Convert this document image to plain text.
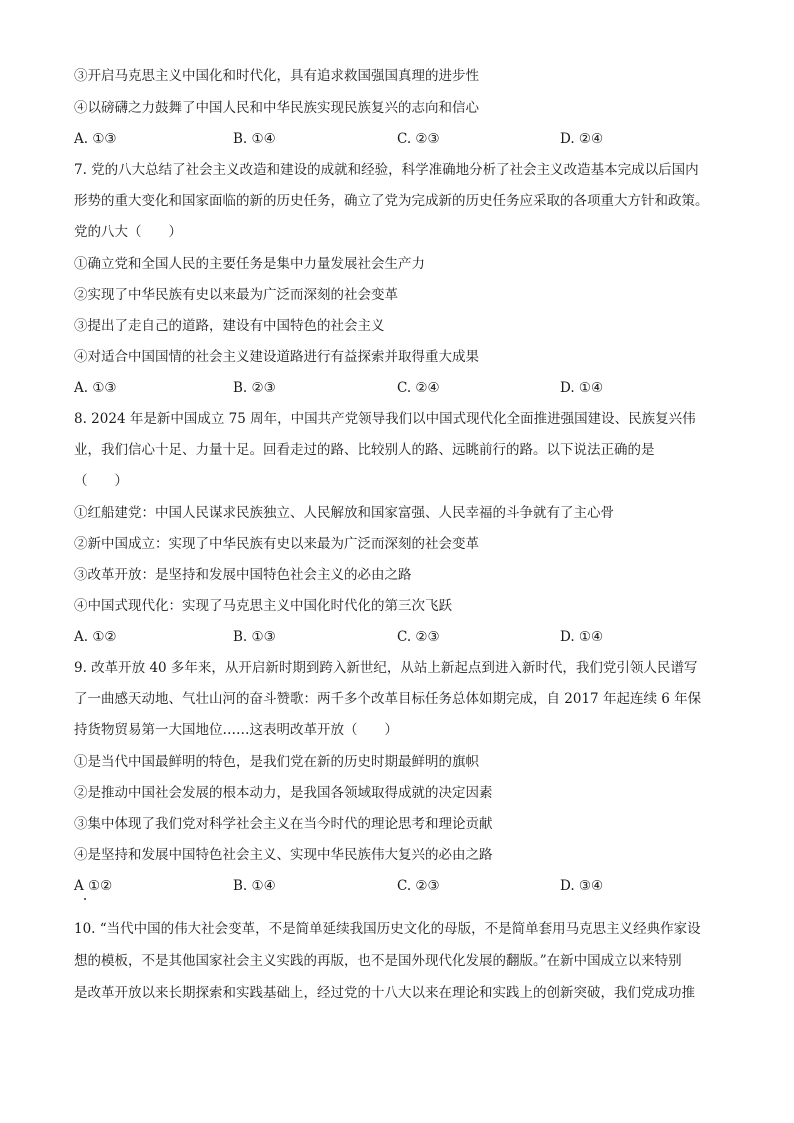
③开启马克思主义中国化和时代化，具有追求救国强国真理的进步性
④以磅礴之力鼓舞了中国人民和中华民族实现民族复兴的志向和信心
A. ①③	B. ①④	C. ②③	D. ②④
7. 党的八大总结了社会主义改造和建设的成就和经验，科学准确地分析了社会主义改造基本完成以后国内
形势的重大变化和国家面临的新的历史任务，确立了党为完成新的历史任务应采取的各项重大方针和政策。
党的八大（　　）
①确立党和全国人民的主要任务是集中力量发展社会生产力
②实现了中华民族有史以来最为广泛而深刻的社会变革
③提出了走自己的道路，建设有中国特色的社会主义
④对适合中国国情的社会主义建设道路进行有益探索并取得重大成果
A. ①③	B. ②③	C. ②④	D. ①④
8. 2024 年是新中国成立 75 周年，中国共产党领导我们以中国式现代化全面推进强国建设、民族复兴伟
业，我们信心十足、力量十足。回看走过的路、比较别人的路、远眺前行的路。以下说法正确的是
（　　）
①红船建党：中国人民谋求民族独立、人民解放和国家富强、人民幸福的斗争就有了主心骨
②新中国成立：实现了中华民族有史以来最为广泛而深刻的社会变革
③改革开放：是坚持和发展中国特色社会主义的必由之路
④中国式现代化：实现了马克思主义中国化时代化的第三次飞跃
A. ①②	B. ①③	C. ②③	D. ①④
9. 改革开放 40 多年来，从开启新时期到跨入新世纪，从站上新起点到进入新时代，我们党引领人民谱写
了一曲感天动地、气壮山河的奋斗赞歌：两千多个改革目标任务总体如期完成，自 2017 年起连续 6 年保
持货物贸易第一大国地位……这表明改革开放（　　）
①是当代中国最鲜明的特色，是我们党在新的历史时期最鲜明的旗帜
②是推动中国社会发展的根本动力，是我国各领域取得成就的决定因素
③集中体现了我们党对科学社会主义在当今时代的理论思考和理论贡献
④是坚持和发展中国特色社会主义、实现中华民族伟大复兴的必由之路
A ①②	B. ①④	C. ②③	D. ③④
10. “当代中国的伟大社会变革，不是简单延续我国历史文化的母版，不是简单套用马克思主义经典作家设
想的模板，不是其他国家社会主义实践的再版，也不是国外现代化发展的翻版。”在新中国成立以来特别
是改革开放以来长期探索和实践基础上，经过党的十八大以来在理论和实践上的创新突破，我们党成功推
